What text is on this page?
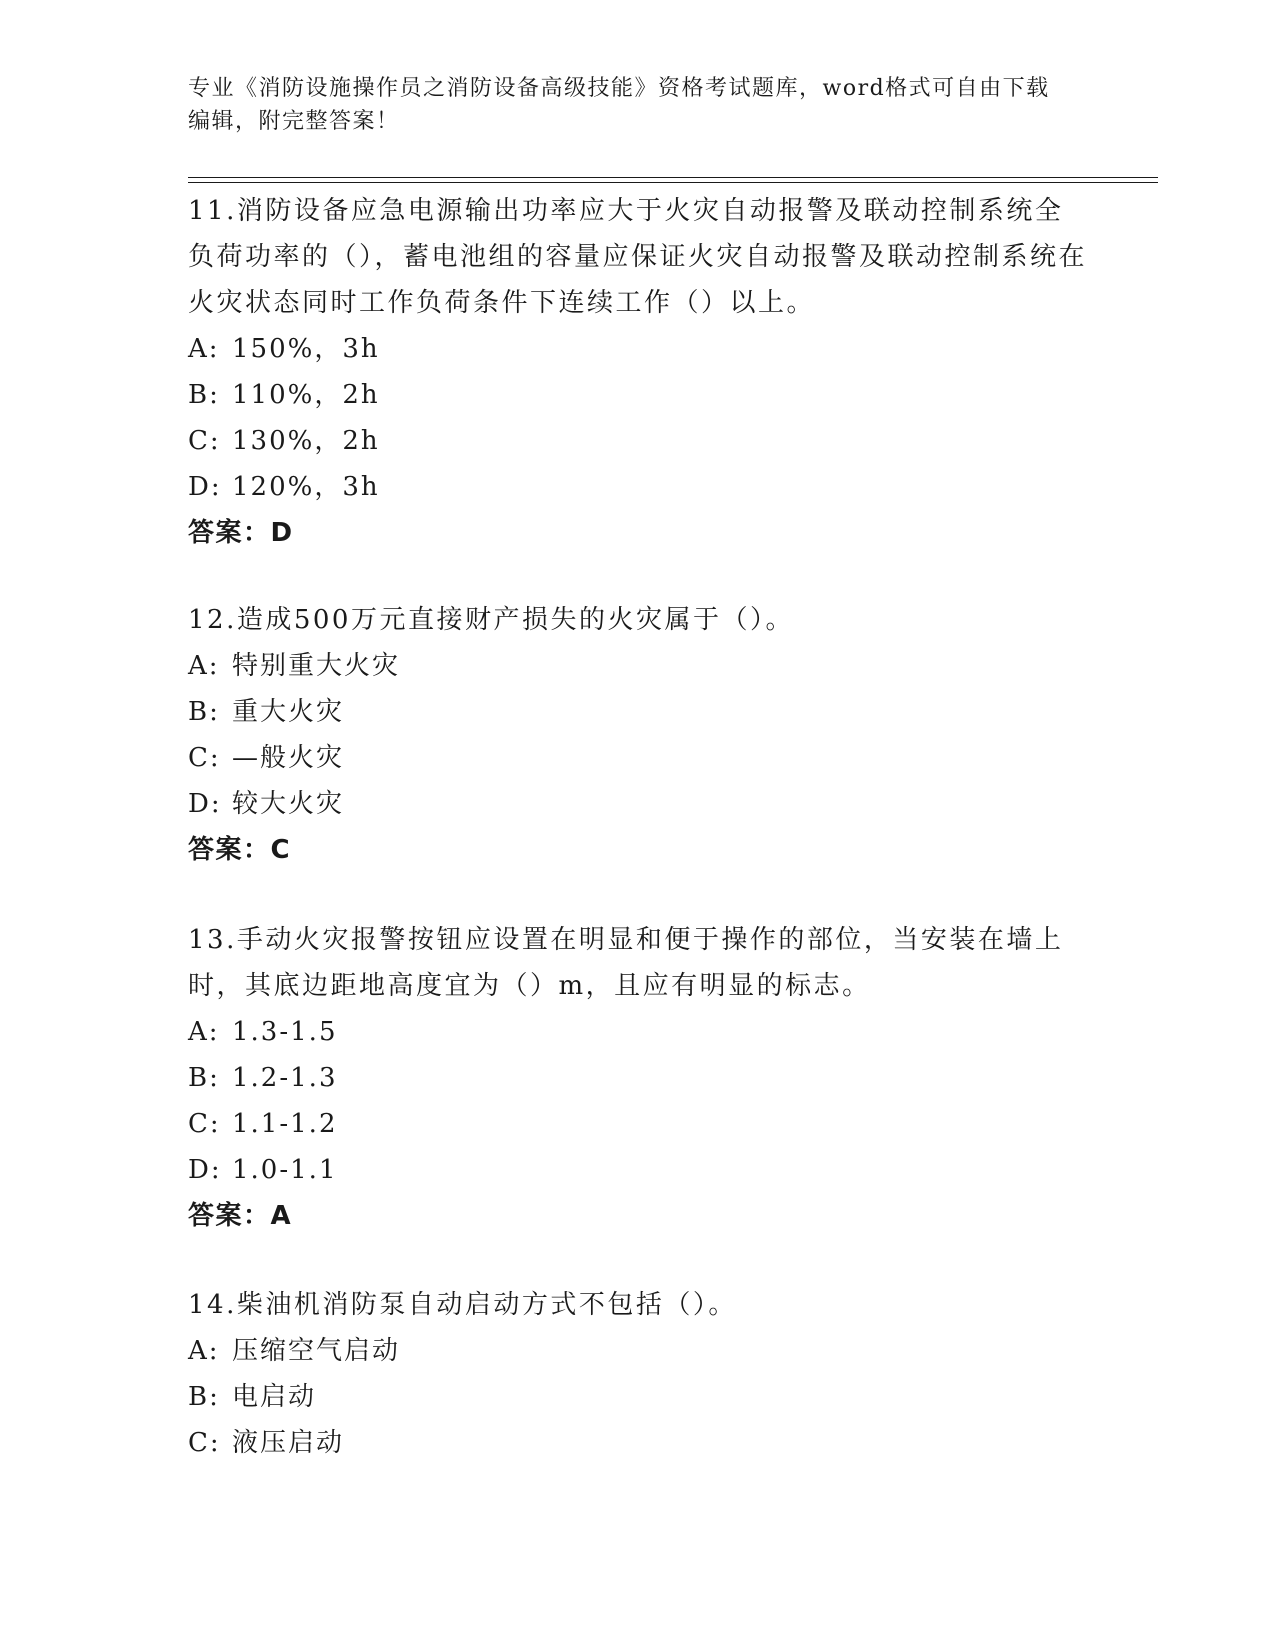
专业《消防设施操作员之消防设备高级技能》资格考试题库，word格式可自由下载编辑，附完整答案！
11.消防设备应急电源输出功率应大于火灾自动报警及联动控制系统全负荷功率的（），蓄电池组的容量应保证火灾自动报警及联动控制系统在火灾状态同时工作负荷条件下连续工作（）以上。
A: 150%，3h
B: 110%，2h
C: 130%，2h
D: 120%，3h
答案：D
12.造成500万元直接财产损失的火灾属于（）。
A: 特别重大火灾
B: 重大火灾
C: —般火灾
D: 较大火灾
答案：C
13.手动火灾报警按钮应设置在明显和便于操作的部位，当安装在墙上时，其底边距地高度宜为（）m，且应有明显的标志。
A: 1.3-1.5
B: 1.2-1.3
C: 1.1-1.2
D: 1.0-1.1
答案：A
14.柴油机消防泵自动启动方式不包括（）。
A: 压缩空气启动
B: 电启动
C: 液压启动
